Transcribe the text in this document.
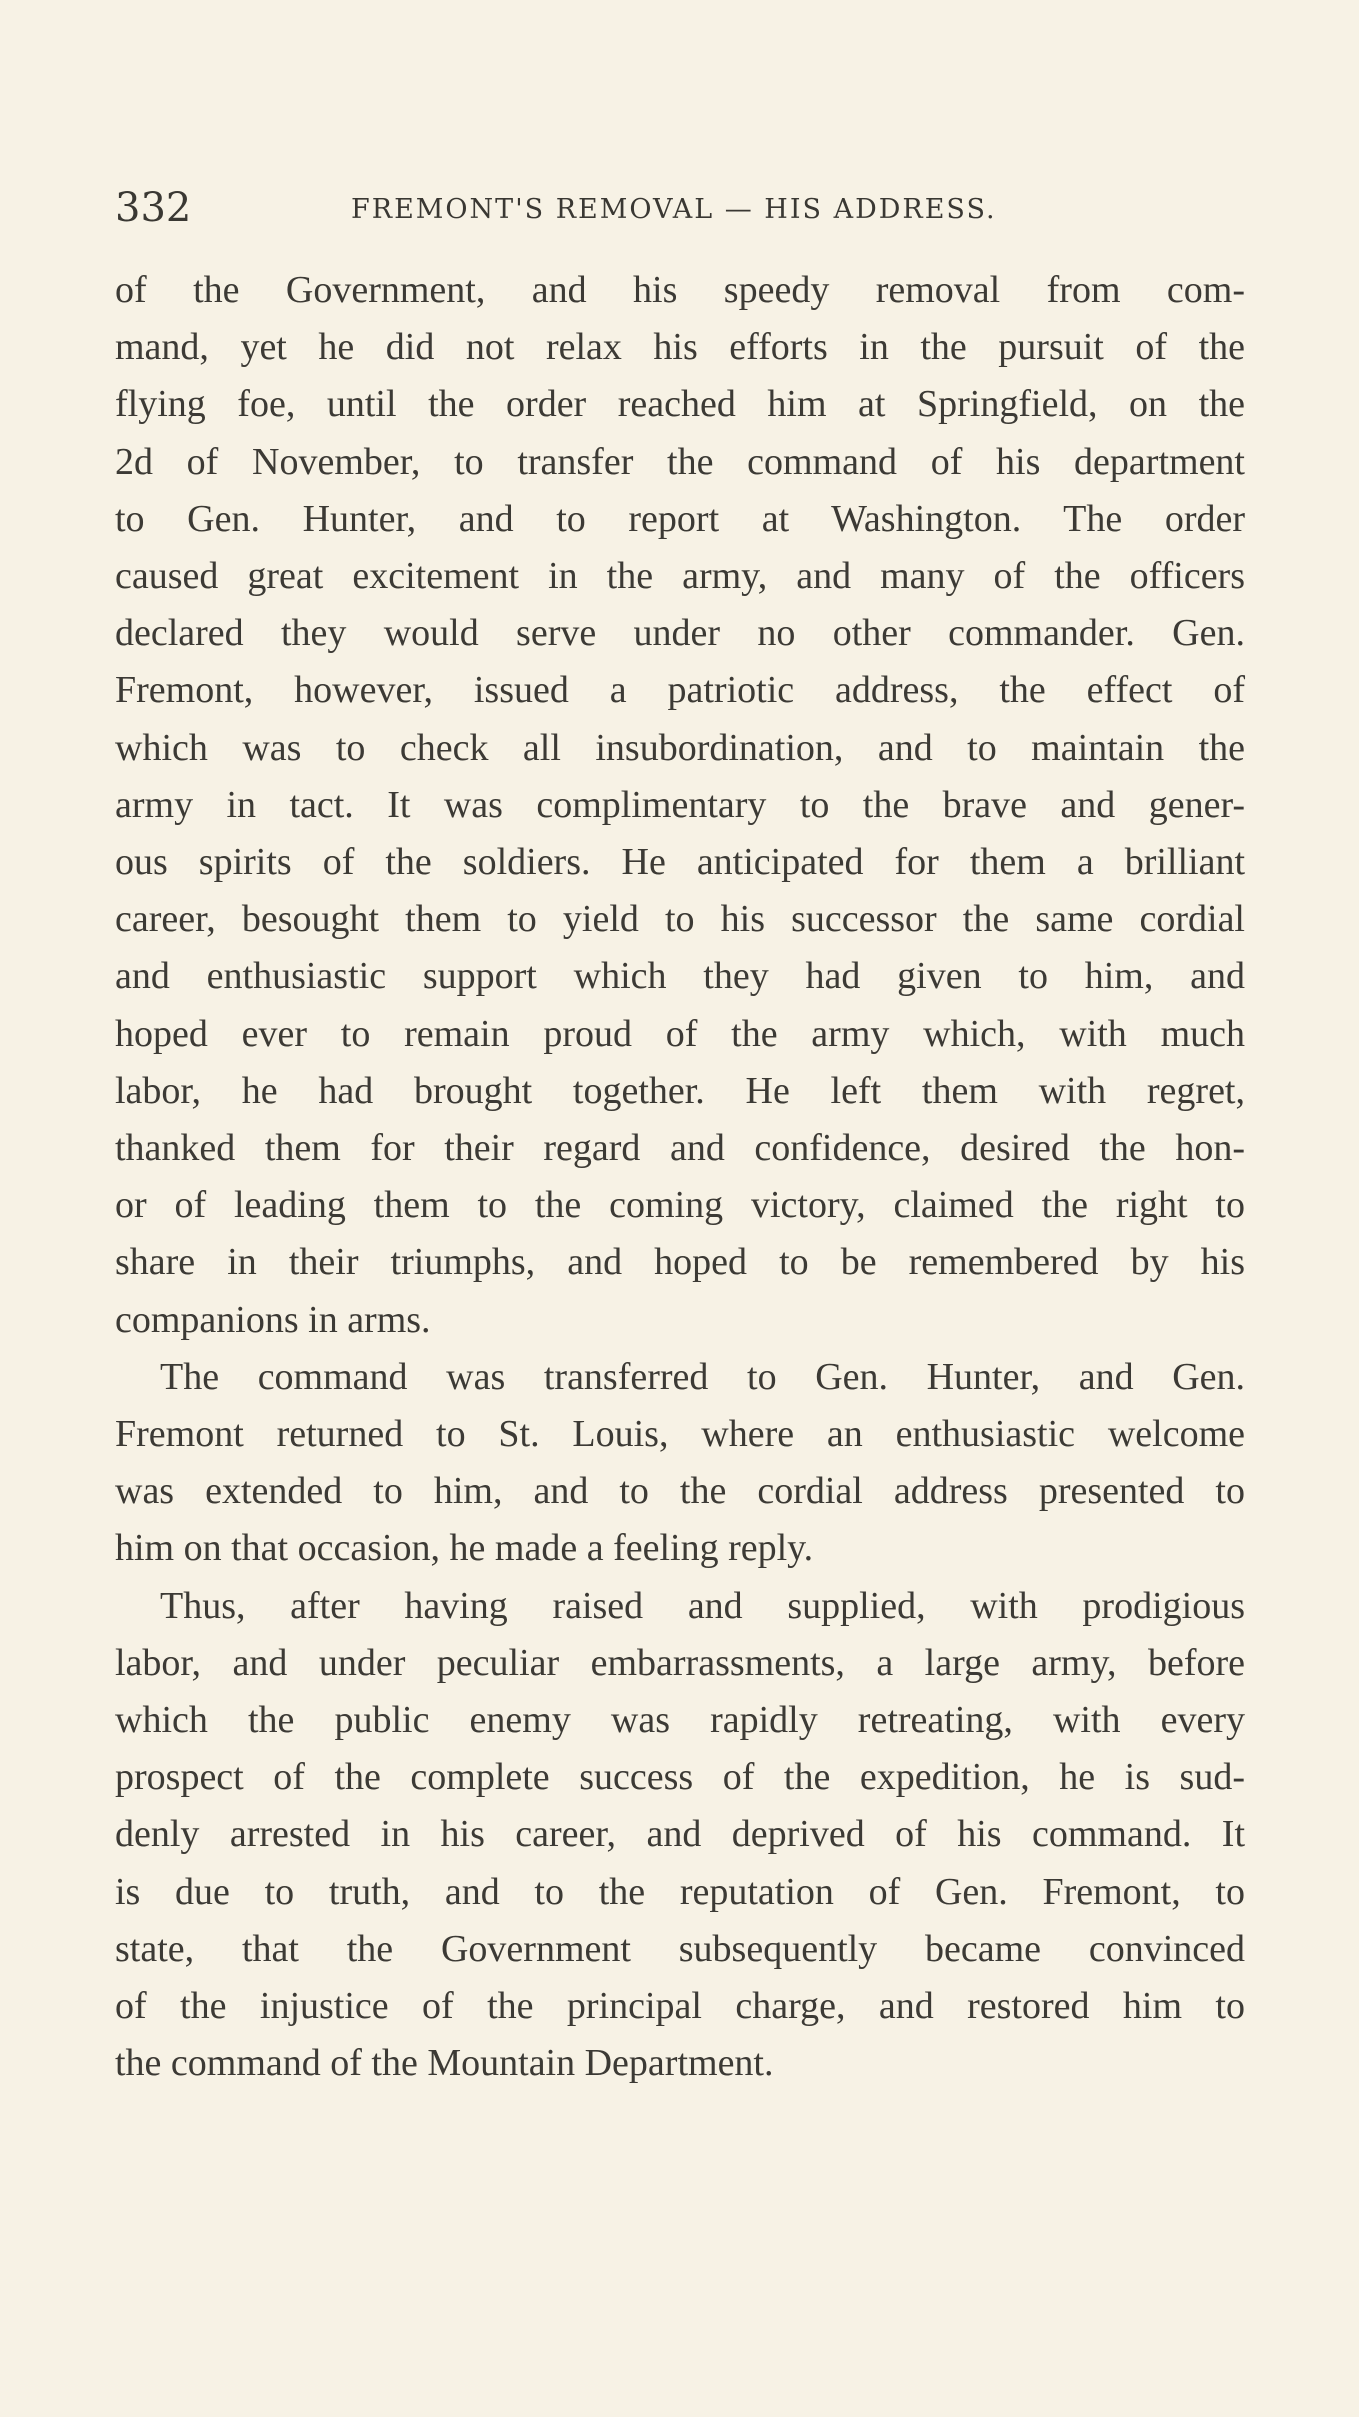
332	FREMONT'S REMOVAL — HIS ADDRESS.
of the Government, and his speedy removal from com-
mand, yet he did not relax his efforts in the pursuit of the
flying foe, until the order reached him at Springfield, on the
2d of November, to transfer the command of his department
to Gen. Hunter, and to report at Washington. The order
caused great excitement in the army, and many of the officers
declared they would serve under no other commander. Gen.
Fremont, however, issued a patriotic address, the effect of
which was to check all insubordination, and to maintain the
army in tact. It was complimentary to the brave and gener-
ous spirits of the soldiers. He anticipated for them a brilliant
career, besought them to yield to his successor the same cordial
and enthusiastic support which they had given to him, and
hoped ever to remain proud of the army which, with much
labor, he had brought together. He left them with regret,
thanked them for their regard and confidence, desired the hon-
or of leading them to the coming victory, claimed the right to
share in their triumphs, and hoped to be remembered by his
companions in arms.
The command was transferred to Gen. Hunter, and Gen.
Fremont returned to St. Louis, where an enthusiastic welcome
was extended to him, and to the cordial address presented to
him on that occasion, he made a feeling reply.
Thus, after having raised and supplied, with prodigious
labor, and under peculiar embarrassments, a large army, before
which the public enemy was rapidly retreating, with every
prospect of the complete success of the expedition, he is sud-
denly arrested in his career, and deprived of his command. It
is due to truth, and to the reputation of Gen. Fremont, to
state, that the Government subsequently became convinced
of the injustice of the principal charge, and restored him to
the command of the Mountain Department.
